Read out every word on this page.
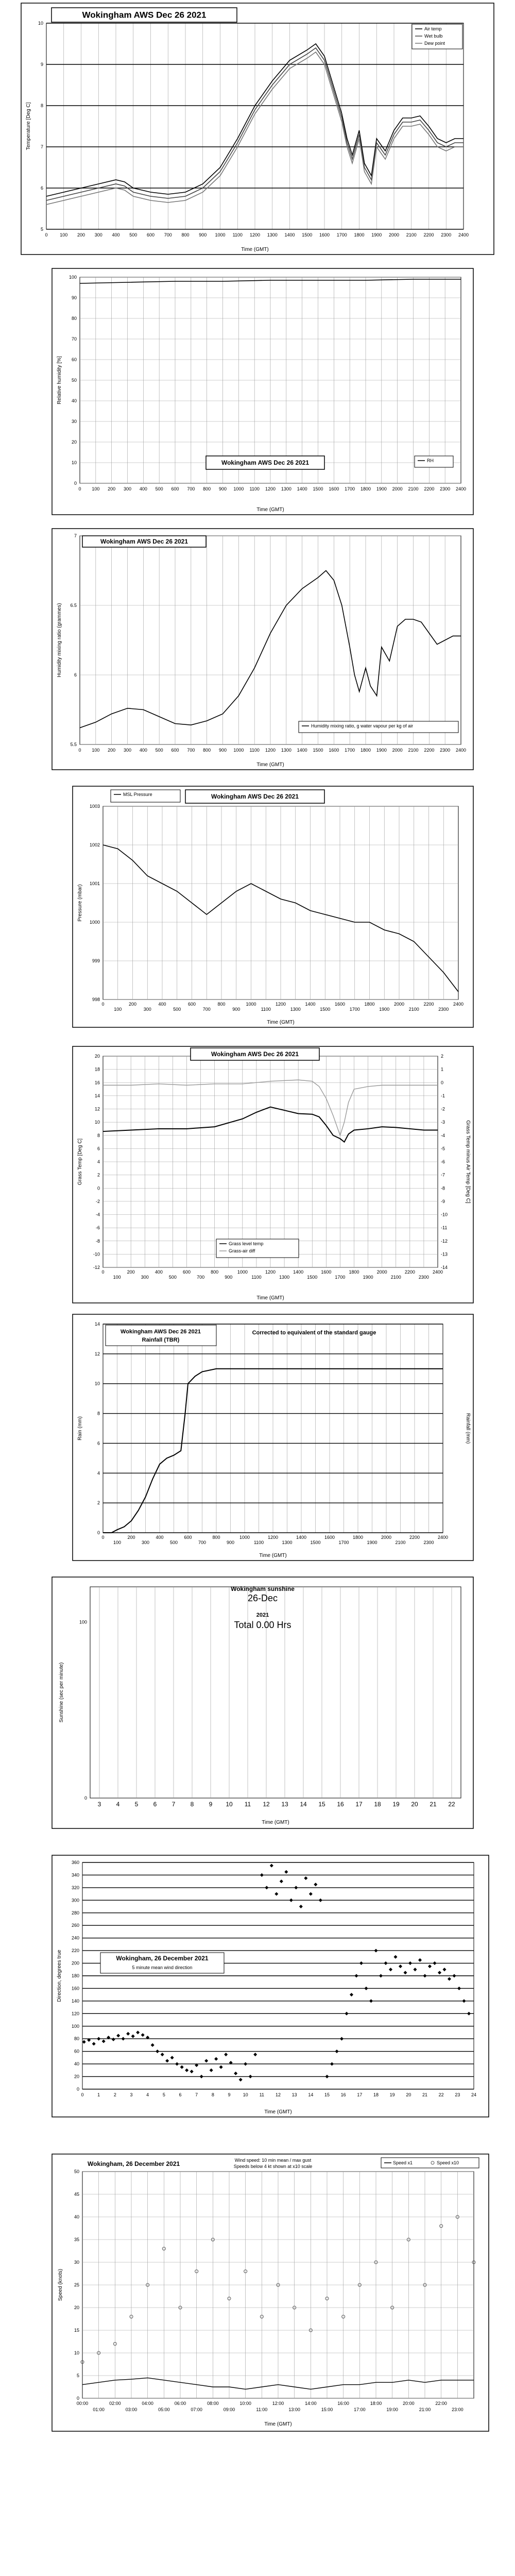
5
6
7
8
9
10
0	100 200 300 400 500 600 700 800 900 1000 1100 1200 1300 1400 1500 1600 1700 1800 1900 2000 2100 2200 2300 2400
Time (GMT)
Temperature [Deg C]
Wokingham AWS Dec 26 2021
Air temp
Wet bulb
Dew point
0
10
20
30
40
50
60
70
80
90
100
0 100 200 300 400 500 600 700 800 900 1000 1100 1200 1300 1400 1500 1600 1700 1800 1900 2000 2100 2200 2300 2400
Time (GMT)
Relative humidity [%]
Wokingham AWS Dec 26 2021	RH
5.5
6
6.5
7
0 100 200 300 400 500 600 700 800 900 1000 1100 1200 1300 1400 1500 1600 1700 1800 1900 2000 2100 2200 2300 2400
Time (GMT)
Humidity mixing ratio (grammes)
Wokingham AWS Dec 26 2021
Humidity mixing ratio, g water vapour per kg of air
998
999
1000
1001
1002
1003
0
100
200
300
400
500
600
700
800
900
1000
1100
1200
1300
1400
1500
1600
1700
1800
1900
2000
2100
2200
2300
2400
Time (GMT)
Pressure (mbar)
Wokingham AWS Dec 26 2021
MSL Pressure
20
18
16
14
12
10
8
6
4
2
0
-2
-4
-6
-8
-10
-12
2
1
0
-1
-2
-3
-4
-5
-6
-7
-8
-9
-10
-11
-12
-13
-14
0
100
200
300
400
500
600
700
800
900
1000
1100
1200
1300
1400
1500
1600
1700
1800
1900
2000
2100
2200
2300
2400
Time (GMT)
Grass Temp [Deg C]	Grass Temp minus Air Temp [Deg C]
Wokingham AWS Dec 26 2021
Grass level temp
Grass-air diff
0
2
4
6
8
10
12
14
0
100
200
300
400
500
600
700
800
900
1000
1100
1200
1300
1400
1500
1600
1700
1800
1900
2000
2100
2200
2300
2400
Time (GMT)
Rain (mm)
Wokingham AWS Dec 26 2021
Rainfall (TBR)
Corrected to equivalent of the standard gauge
Rainfall (mm)
3 4 5 6 7 8 9 10 11 12 13 14 15 16 17 18 19 20 21 22
0
100
Time (GMT)
Sunshine (sec per minute)
Wokingham sunshine
26-Dec
2021
Total 0.00 Hrs
0
20
40
60
80
100
120
140
160
180
200
220
240
260
280
300
320
340
360
0	1	2	3	4	5	6	7	8	9	10 11 12 13 14 15 16 17 18 19 20 21 22 23 24
Time (GMT)
Direction, degrees true	Wokingham, 26 December 2021
5 minute mean wind direction
0
5
10
15
20
25
30
35
40
45
50
00:00	02:00	04:00	06:00	08:00	10:00	12:00	14:00	16:00	18:00	20:00	22:00
01:00	03:00	05:00	07:00	09:00	11:00	13:00	15:00	17:00	19:00	21:00	23:00
Time (GMT)
Speed (knots)
Wokingham, 26 December 2021	Wind speed: 10 min mean / max gust
Speeds below 4 kt shown at x10 scale
Speed x1	Speed x10
